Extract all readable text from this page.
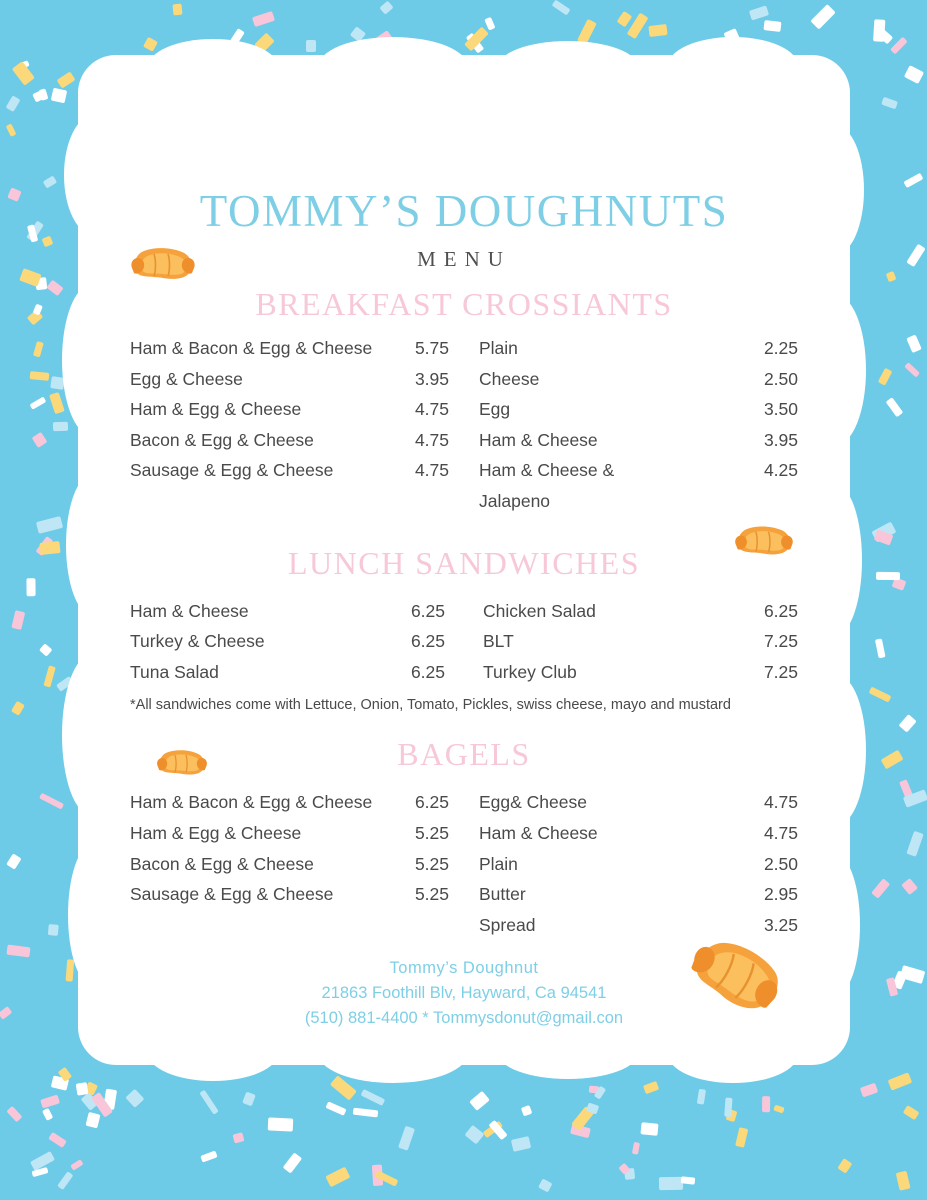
TOMMY’S DOUGHNUTS
MENU
BREAKFAST CROSSIANTS
Ham & Bacon & Egg & Cheese	5.75
Egg & Cheese	3.95
Ham & Egg & Cheese	4.75
Bacon & Egg & Cheese	4.75
Sausage & Egg & Cheese	4.75
Plain	2.25
Cheese	2.50
Egg	3.50
Ham & Cheese	3.95
Ham & Cheese &	4.25
Jalapeno
LUNCH SANDWICHES
Ham & Cheese	6.25
Turkey & Cheese	6.25
Tuna Salad	6.25
Chicken Salad	6.25
BLT	7.25
Turkey Club	7.25
*All sandwiches come with Lettuce, Onion, Tomato, Pickles, swiss cheese, mayo and mustard
BAGELS
Ham & Bacon & Egg & Cheese	6.25
Ham & Egg & Cheese	5.25
Bacon & Egg & Cheese	5.25
Sausage & Egg & Cheese	5.25
Egg& Cheese	4.75
Ham & Cheese	4.75
Plain	2.50
Butter	2.95
Spread	3.25
Tommy’s Doughnut
21863 Foothill Blv, Hayward, Ca 94541
(510) 881-4400 * Tommysdonut@gmail.con
